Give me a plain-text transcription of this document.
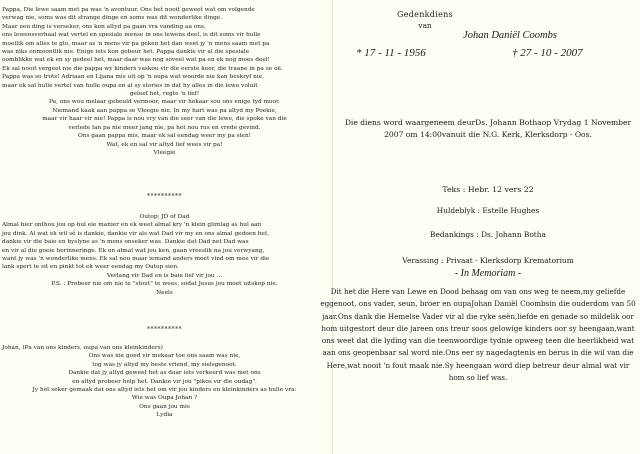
Pappa, Die lewe saam met pa was 'n avontuur. Ons het nooit geweet wat om volgende
verwag nie, soms was dit strange dinge en soms was dit wonderlike dinge.
Maar een ding is verseker, ons kon altyd pa gaan vra vanding aa ons,
ons lewensverhaal wat vertel en spesiale mense in ons lewens deel, is dit soms vir hulle
moeilik om alles te glo, maar as 'n mens vir pa geken het dan weet jy 'n mens saam met pa
was niks onmoontlik nie. Enige iets kon gebeur het. Pappa dankie vir al die spesiale
oomblikke wat ek en sy gedeel het, maar daar was nog soveel wat pa en ek nog moes deel!
Ek sal nooit vergeet nie die pappa wy kinders vaskou vir die eerste keer, die traane in pa se oë.
Pappa was so trots! Adriaan en Lijana mis uit op 'n oupa wat woorde nie kan beskryf nie,
maar ek sal hulle vertel van hulle oupa en al sy stories in dat hy alles in die lewe voluit
geleef het, regte 'n lief!
Pa, ons wou melaar gebeuld vermoor, maar vir hekaar sou ons enige tyd moor.
Niemand kaak aan pappa se Vleegie nie. In my hart was pa altyd my Poekie,
maar vir haar vir nie! Pappa is nou vry van die seer van die lewe, die spoke van die
verlede lan pa nie meer jang nie, pa het nou rus en vrede gevind.
Ons gaan pappa mis, maar ek sal eendag weer my pa sien!
Wat, ek en sal vir altyd lief wees vir pa!
Vleegie
**********
Outop; JD of Dad
Almal hier onthou jou op hul eie manier en ek weet almal kry 'n klein glimlag as hul aan
jou dink. Al wat ek wil sê is dankie, dankie vir als wat Dad vir my en ons almal gedoen het,
dankie vir die baie en byslyne as 'n mens onseker was. Dankie dat Dad net Dad was
en vir al die goeie herinneringe. Ek en almal wat jou ken, gaan vreeslik na jou verwyang,
want jy was 'n wonderlike mens. Ek sal nou maar iemand anders moet vind om mee vir die
lank spert te sit en pinkt tot ek weer eendag my Outop sien.
Verlang vir Dad en is baie lief vir jou ...
P.S. : Probeer nie om nie te "stout" te wees, sodat Jesus jou moet uitskop nie.
Neels
**********
Johan, (Pa van ons kinders, oupa van ons kleinkinders)
Ons was nie goed vir mekaar toe ons saam was nie,
tog was jy altyd my beste vriend, my sielsgenoot.
Dankie dat jy altyd geweet het as daar iets verkeerd was met ons
en altyd probeer help het. Dankie vir jou "pikos vir die oudag".
Jy het seker gemaak dat ons altyd iets het om vir jou kinders en kleinkinders as hulle vra:
Wie was Oupa Johan ?
Ons gaan jou mis
Lydia
Gedenkdiens
van
Johan Daniël Coombs
* 17 - 11 - 1956	† 27 - 10 - 2007
Die diens word waargeneem deurDs. Johann Bothaop Vrydag 1 November 2007 om 14:00vanuit die N.G. Kerk, Klerksdorp - Oos.
Teks : Hebr. 12 vers 22
Huldeblyk : Estelle Hughes
Bedankings : Ds. Johann Botha
Verassing : Privaat - Klerksdorp Krematorium
- In Memoriam -
Dit het die Here van Lewe en Dood behaag om van ons weg te neem,my geliefde eggenoot, ons vader, seun, broer en oupaJohan Daniël Coombsin die ouderdom van 50 jaar.Ons dank die Hemelse Vader vir al die ryke seën,liefde en genade so mildelik oor hom uitgestort deur die jareen ons treur soos gelowige kinders oor sy heengaan,want ons weet dat die lyding van die teenwoordige tydnie opweeg teen die heerlikheid wat aan ons geopenbaar sal word nie.Ons eer sy nagedagtenis en berus in die wil van die Here,wat nooit 'n fout maak nie.Sy heengaan word diep betreur deur almal wat vir hom so lief was.
